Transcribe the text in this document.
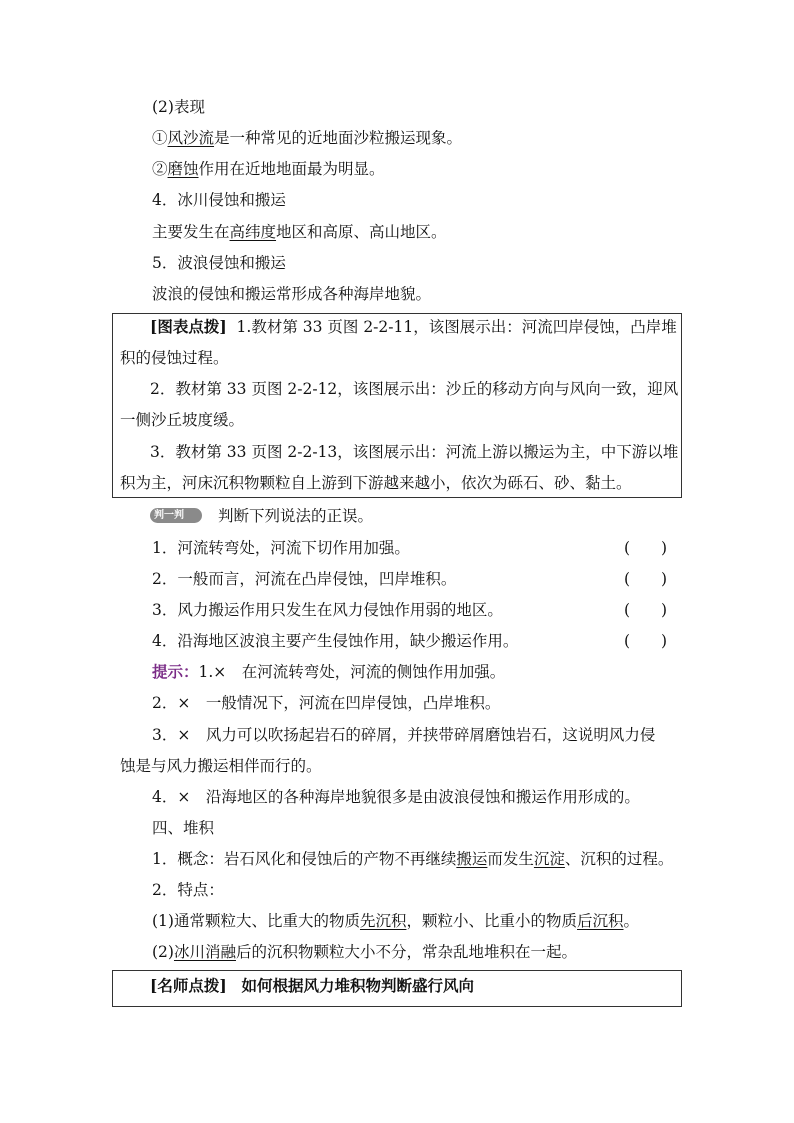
(2)表现
①风沙流是一种常见的近地面沙粒搬运现象。
②磨蚀作用在近地地面最为明显。
4．冰川侵蚀和搬运
主要发生在高纬度地区和高原、高山地区。
5．波浪侵蚀和搬运
波浪的侵蚀和搬运常形成各种海岸地貌。
[图表点拨] 1.教材第 33 页图 2-2-11，该图展示出：河流凹岸侵蚀，凸岸堆
积的侵蚀过程。
2．教材第 33 页图 2-2-12，该图展示出：沙丘的移动方向与风向一致，迎风
一侧沙丘坡度缓。
3．教材第 33 页图 2-2-13，该图展示出：河流上游以搬运为主，中下游以堆
积为主，河床沉积物颗粒自上游到下游越来越小，依次为砾石、砂、黏土。
判一判	判断下列说法的正误。
1．河流转弯处，河流下切作用加强。	(　　)
2．一般而言，河流在凸岸侵蚀，凹岸堆积。	(　　)
3．风力搬运作用只发生在风力侵蚀作用弱的地区。	(　　)
4．沿海地区波浪主要产生侵蚀作用，缺少搬运作用。	(　　)
提示：1.×　在河流转弯处，河流的侧蚀作用加强。
2．×　一般情况下，河流在凹岸侵蚀，凸岸堆积。
3．×　风力可以吹扬起岩石的碎屑，并挟带碎屑磨蚀岩石，这说明风力侵
蚀是与风力搬运相伴而行的。
4．×　沿海地区的各种海岸地貌很多是由波浪侵蚀和搬运作用形成的。
四、堆积
1．概念：岩石风化和侵蚀后的产物不再继续搬运而发生沉淀、沉积的过程。
2．特点：
(1)通常颗粒大、比重大的物质先沉积，颗粒小、比重小的物质后沉积。
(2)冰川消融后的沉积物颗粒大小不分，常杂乱地堆积在一起。
[名师点拨] 如何根据风力堆积物判断盛行风向
